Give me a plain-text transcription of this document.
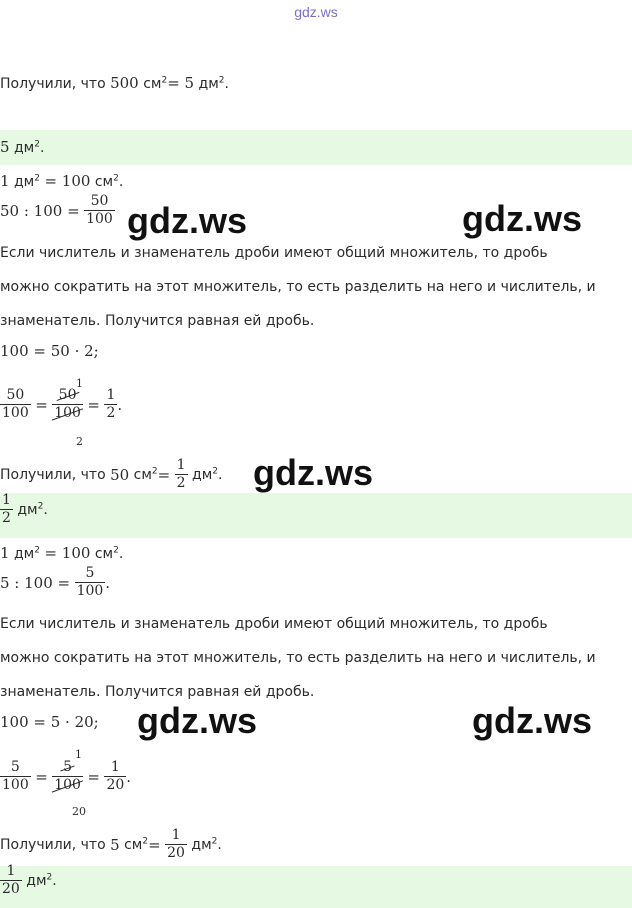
gdz.ws
Получили, что 500 $см^2= 5$ $дм^2$.
5 $дм^2$.
1 $дм^2 = 100$ $см^2$.
50 : $100 = \frac{50}{100}$
Если числитель и знаменатель дроби имеют общий множитель, то дробь
можно сократить на этот множитель, то есть разделить на него и числитель, и
знаменатель. Получится равная ей дробь.
100 = 50 · 2;
$\frac{50}{100} = \frac{50}{100} = \frac{1}{2}$ .
1
2
Получили, что 50 $см^2= \frac{1}{2} дм^2$.
$\frac{1}{2} дм^2$.
1 $дм^2 = 100$ $см^2$.
5 : $100 = \frac{5}{100}$ .
Если числитель и знаменатель дроби имеют общий множитель, то дробь
можно сократить на этот множитель, то есть разделить на него и числитель, и
знаменатель. Получится равная ей дробь.
100 = 5 · 20;
$\frac{5}{100} = \frac{5}{100} = \frac{1}{20}$ .
1
20
Получили, что 5 $см^2= \frac{1}{20} дм^2$.
$\frac{1}{20} дм^2$.
gdz.ws	gdz.ws
gdz.ws
gdz.ws	gdz.ws
